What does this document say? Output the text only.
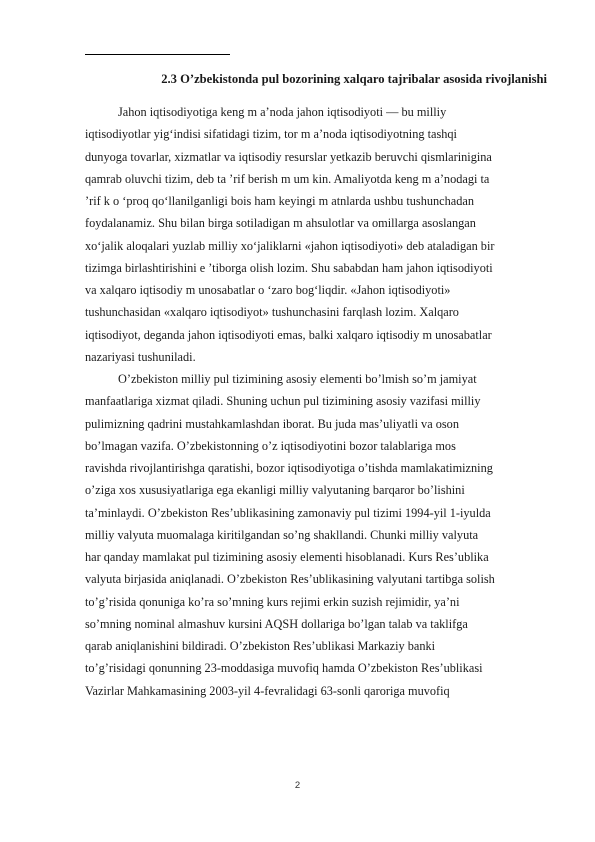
2.3 O’zbekistonda pul bozorining xalqaro tajribalar asosida rivojlanishi
Jahon iqtisodiyotiga keng m a’noda jahon iqtisodiyoti — bu milliy
iqtisodiyotlar yig‘indisi sifatidagi tizim, tor m a’noda iqtisodiyotning tashqi
dunyoga tovarlar, xizmatlar va iqtisodiy resurslar yetkazib beruvchi qismlariniginа
qamrab oluvchi tizim, deb ta ’rif berish m um kin. Amaliyotda keng m a’nodagi ta
’rif k o ‘proq qo‘llanilganligi bois ham keyingi m atnlarda ushbu tushunchadan
foydalanamiz. Shu bilan birga sotiladigan m ahsulotlar va omillarga asoslangan
xo‘jalik aloqalari yuzlab milliy xo‘jaliklarni «jahon iqtisodiyoti» deb ataladigan bir
tizimga birlashtirishini e ’tiborga olish lozim. Shu sababdan ham jahon iqtisodiyoti
va xalqaro iqtisodiy m unosabatlar o ‘zaro bog‘liqdir. «Jahon iqtisodiyoti»
tushunchasidan «xalqaro iqtisodiyot» tushunchasini farqlash lozim. Xalqaro
iqtisodiyot, deganda jahon iqtisodiyoti emas, balki xalqaro iqtisodiy m unosabatlar
nazariyasi tushuniladi.
O’zbekiston milliy pul tizimining asosiy elementi bo’lmish so’m jamiyat
manfaatlariga xizmat qiladi. Shuning uchun pul tizimining asosiy vazifasi milliy
pulimizning qadrini mustahkamlashdan iborat. Bu juda mas’uliyatli va oson
bo’lmagan vazifa. O’zbekistonning o’z iqtisodiyotini bozor talablariga mos
ravishda rivojlantirishga qaratishi, bozor iqtisodiyotiga o’tishda mamlakatimizning
o’ziga xos xususiyatlariga ega ekanligi milliy valyutaning barqaror bo’lishini
ta’minlaydi. O’zbekiston Res’ublikasining zamonaviy pul tizimi 1994-yil 1-iyulda
milliy valyuta muomalaga kiritilgandan so’ng shakllandi. Chunki milliy valyuta
har qanday mamlakat pul tizimining asosiy elementi hisoblanadi. Kurs Res’ublika
valyuta birjasida aniqlanadi. O’zbekiston Res’ublikasining valyutani tartibga solish
to’g’risida qonuniga ko’ra so’mning kurs rejimi erkin suzish rejimidir, ya’ni
so’mning nominal almashuv kursini AQSH dollariga bo’lgan talab va taklifga
qarab aniqlanishini bildiradi. O’zbekiston Res’ublikasi Markaziy banki
to’g’risidagi qonunning 23-moddasiga muvofiq hamda O’zbekiston Res’ublikasi
Vazirlar Mahkamasining 2003-yil 4-fevralidagi 63-sonli qaroriga muvofiq
2
